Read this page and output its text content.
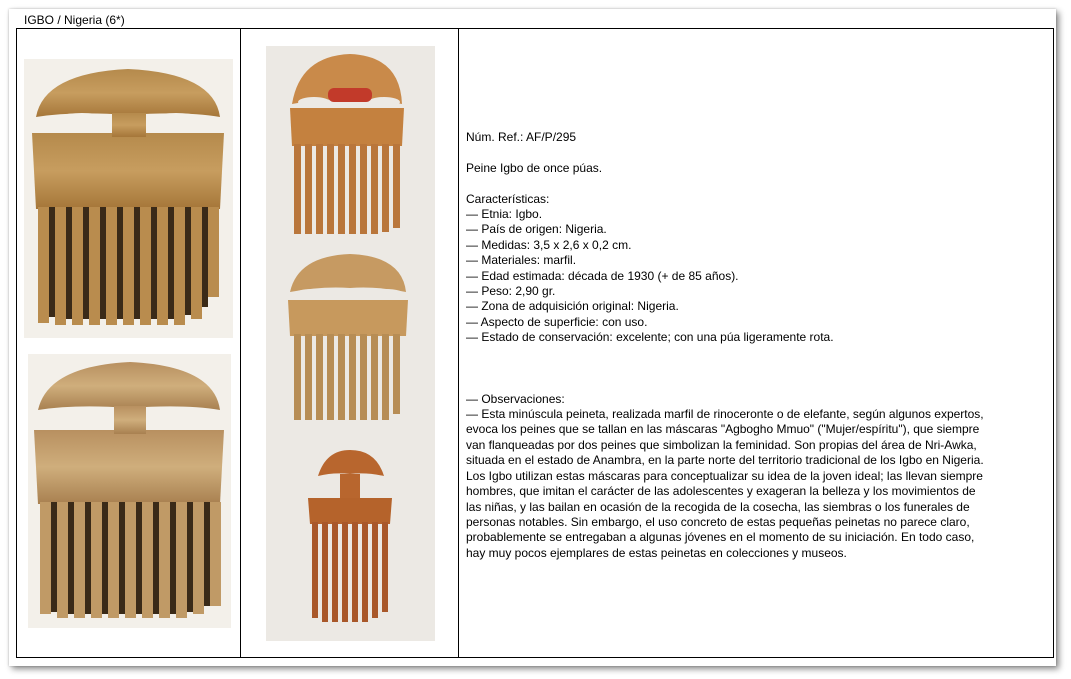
IGBO / Nigeria (6*)

Núm. Ref.: AF/P/295

Peine Igbo de once púas.

Características:

— Etnia: Igbo.

— País de origen: Nigeria.

— Medidas: 3,5 x 2,6 x 0,2 cm.

— Materiales: marfil.

— Edad estimada: década de 1930 (+ de 85 años).

— Peso: 2,90 gr.

— Zona de adquisición original: Nigeria.

— Aspecto de superficie: con uso.

— Estado de conservación: excelente; con una púa ligeramente rota.

— Observaciones:

— Esta minúscula peineta, realizada marfil de rinoceronte o de elefante, según algunos expertos,

evoca los peines que se tallan en las máscaras "Agbogho Mmuo" ("Mujer/espíritu"), que siempre

van flanqueadas por dos peines que simbolizan la feminidad. Son propias del área de Nri-Awka,

situada en el estado de Anambra, en la parte norte del territorio tradicional de los Igbo en Nigeria.

Los Igbo utilizan estas máscaras para conceptualizar su idea de la joven ideal; las llevan siempre

hombres, que imitan el carácter de las adolescentes y exageran la belleza y los movimientos de

las niñas, y las bailan en ocasión de la recogida de la cosecha, las siembras o los funerales de

personas notables. Sin embargo, el uso concreto de estas pequeñas peinetas no parece claro,

probablemente se entregaban a algunas jóvenes en el momento de su iniciación. En todo caso,

hay muy pocos ejemplares de estas peinetas en colecciones y museos.
